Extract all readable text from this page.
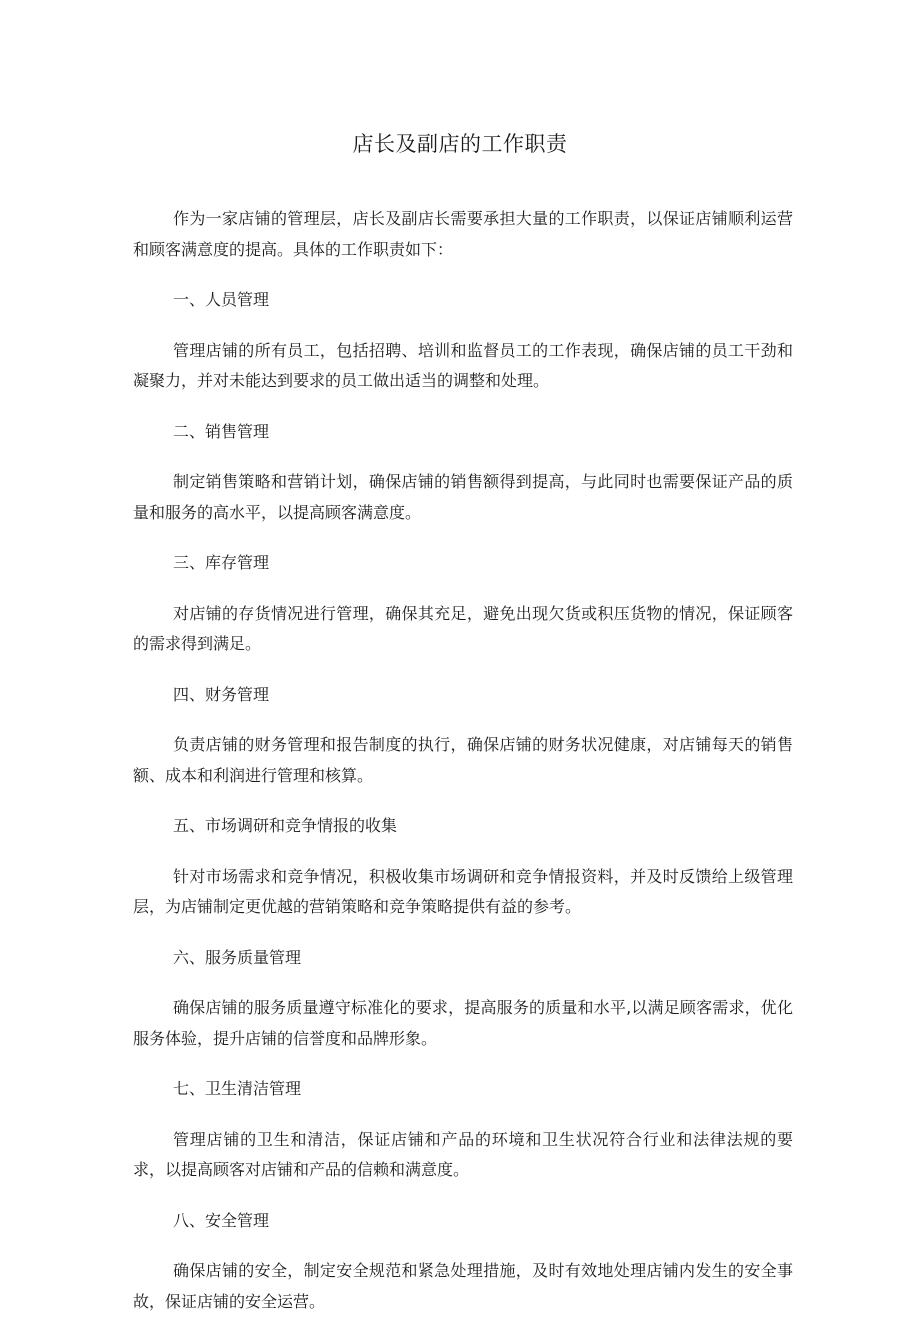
店长及副店的工作职责

作为一家店铺的管理层，店长及副店长需要承担大量的工作职责，以保证店铺顺利运营和顾客满意度的提高。具体的工作职责如下：

一、人员管理

管理店铺的所有员工，包括招聘、培训和监督员工的工作表现，确保店铺的员工干劲和凝聚力，并对未能达到要求的员工做出适当的调整和处理。

二、销售管理

制定销售策略和营销计划，确保店铺的销售额得到提高，与此同时也需要保证产品的质量和服务的高水平，以提高顾客满意度。

三、库存管理

对店铺的存货情况进行管理，确保其充足，避免出现欠货或积压货物的情况，保证顾客的需求得到满足。

四、财务管理

负责店铺的财务管理和报告制度的执行，确保店铺的财务状况健康，对店铺每天的销售额、成本和利润进行管理和核算。

五、市场调研和竞争情报的收集

针对市场需求和竞争情况，积极收集市场调研和竞争情报资料，并及时反馈给上级管理层，为店铺制定更优越的营销策略和竞争策略提供有益的参考。

六、服务质量管理

确保店铺的服务质量遵守标准化的要求，提高服务的质量和水平,以满足顾客需求，优化服务体验，提升店铺的信誉度和品牌形象。

七、卫生清洁管理

管理店铺的卫生和清洁，保证店铺和产品的环境和卫生状况符合行业和法律法规的要求，以提高顾客对店铺和产品的信赖和满意度。

八、安全管理

确保店铺的安全，制定安全规范和紧急处理措施，及时有效地处理店铺内发生的安全事故，保证店铺的安全运营。
